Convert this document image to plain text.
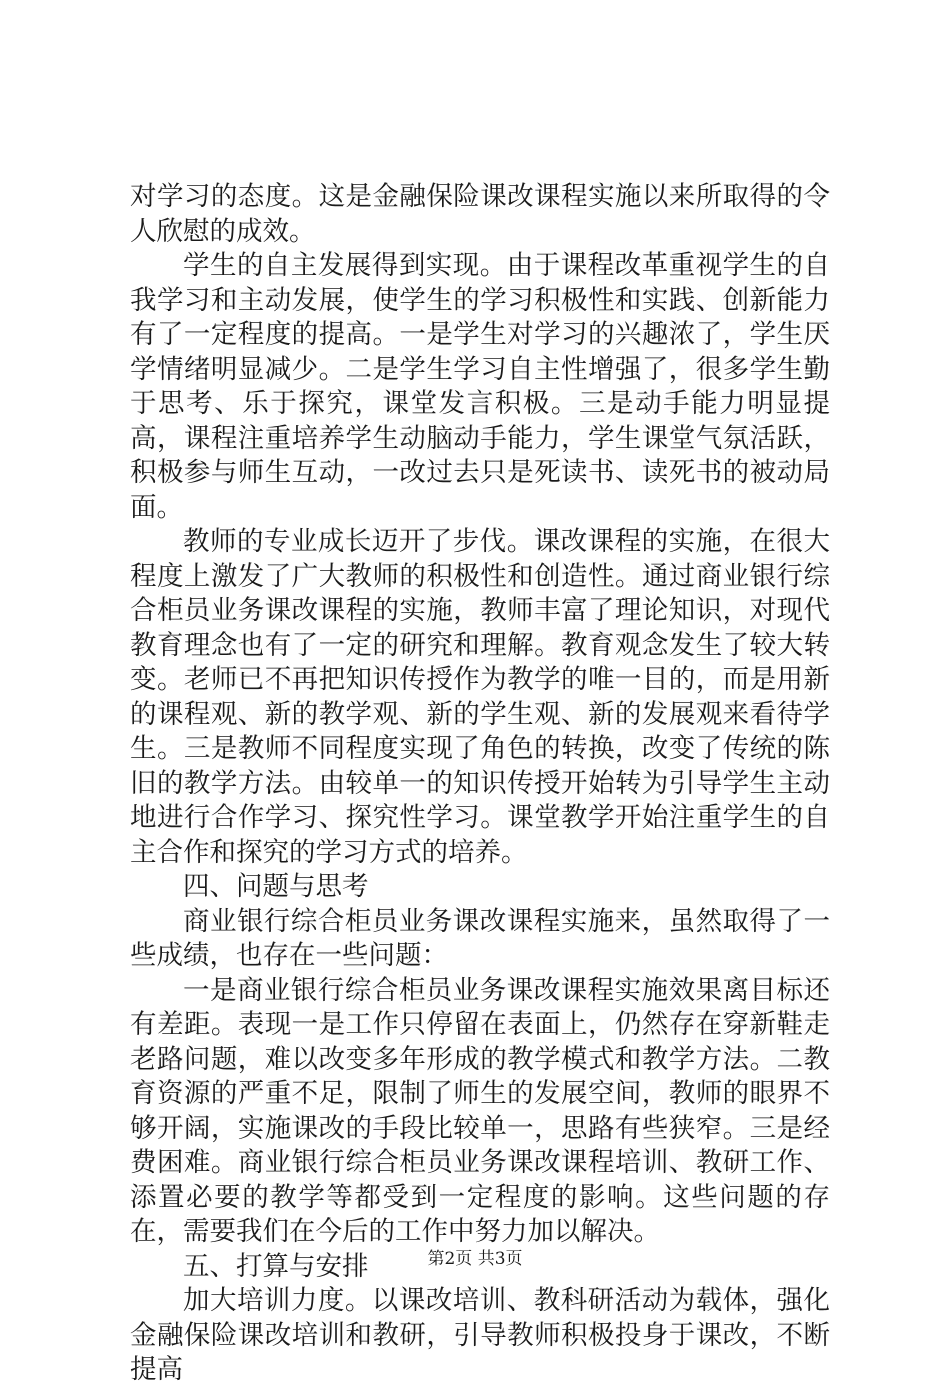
对学习的态度。这是金融保险课改课程实施以来所取得的令人欣慰的成效。

学生的自主发展得到实现。由于课程改革重视学生的自我学习和主动发展，使学生的学习积极性和实践、创新能力有了一定程度的提高。一是学生对学习的兴趣浓了，学生厌学情绪明显减少。二是学生学习自主性增强了，很多学生勤于思考、乐于探究，课堂发言积极。三是动手能力明显提高，课程注重培养学生动脑动手能力，学生课堂气氛活跃，积极参与师生互动，一改过去只是死读书、读死书的被动局面。

教师的专业成长迈开了步伐。课改课程的实施，在很大程度上激发了广大教师的积极性和创造性。通过商业银行综合柜员业务课改课程的实施，教师丰富了理论知识，对现代教育理念也有了一定的研究和理解。教育观念发生了较大转变。老师已不再把知识传授作为教学的唯一目的，而是用新的课程观、新的教学观、新的学生观、新的发展观来看待学生。三是教师不同程度实现了角色的转换，改变了传统的陈旧的教学方法。由较单一的知识传授开始转为引导学生主动地进行合作学习、探究性学习。课堂教学开始注重学生的自主合作和探究的学习方式的培养。

四、问题与思考

商业银行综合柜员业务课改课程实施来，虽然取得了一些成绩，也存在一些问题：

一是商业银行综合柜员业务课改课程实施效果离目标还有差距。表现一是工作只停留在表面上，仍然存在穿新鞋走老路问题，难以改变多年形成的教学模式和教学方法。二教育资源的严重不足，限制了师生的发展空间，教师的眼界不够开阔，实施课改的手段比较单一，思路有些狭窄。三是经费困难。商业银行综合柜员业务课改课程培训、教研工作、添置必要的教学等都受到一定程度的影响。这些问题的存在，需要我们在今后的工作中努力加以解决。

五、打算与安排

加大培训力度。以课改培训、教科研活动为载体，强化金融保险课改培训和教研，引导教师积极投身于课改，不断提高

第2页 共3页
